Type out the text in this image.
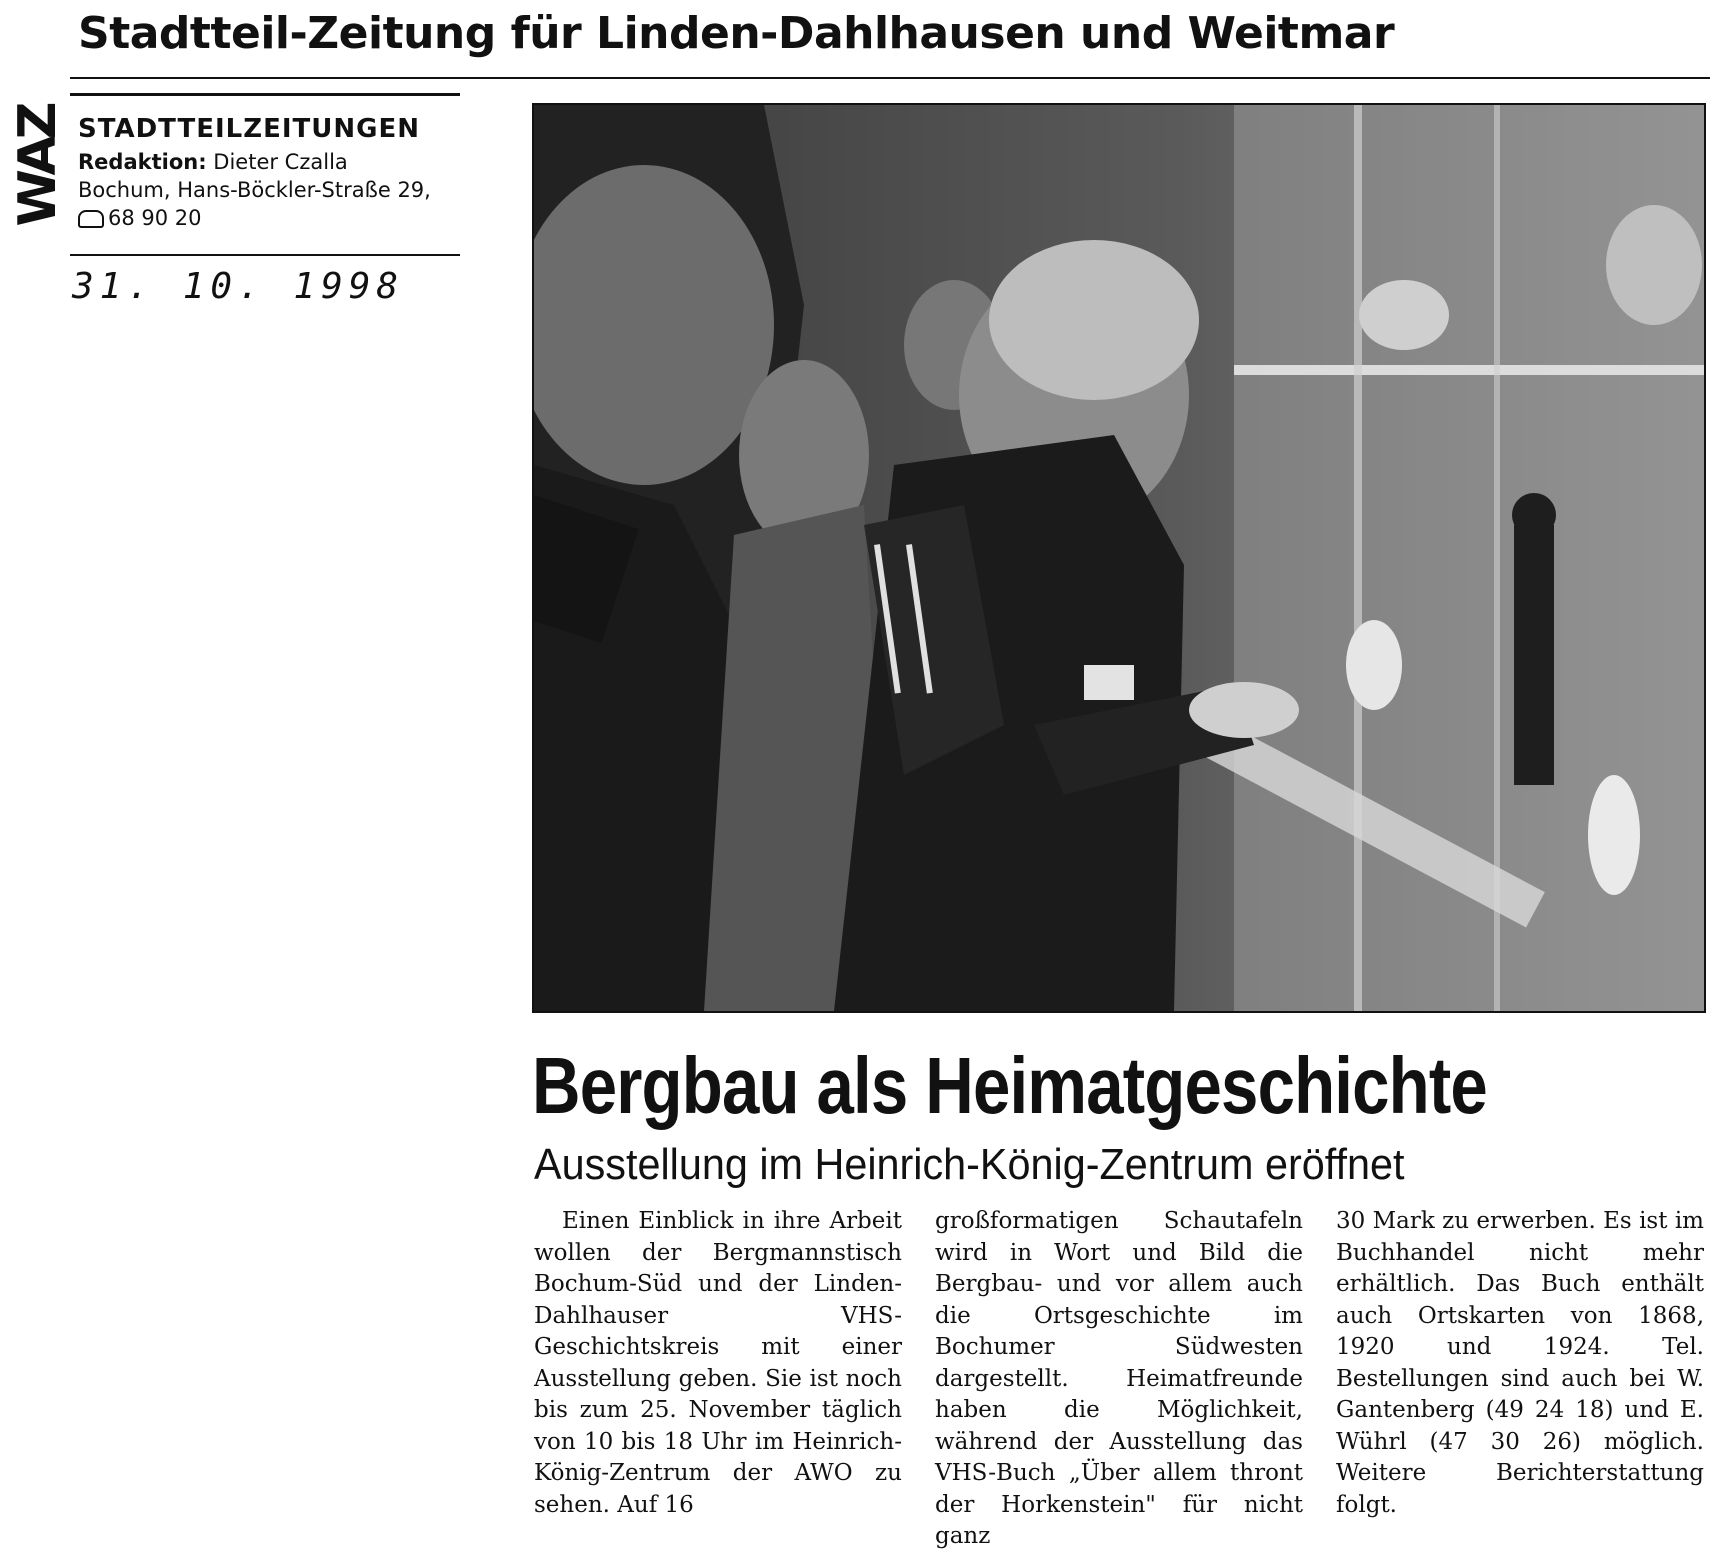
Stadtteil-Zeitung für Linden-Dahlhausen und Weitmar
WAZ STADTTEILZEITUNGEN
Redaktion: Dieter Czalla
Bochum, Hans-Böckler-Straße 29,
68 90 20
31. 10. 1998
Bergbau als Heimatgeschichte
Ausstellung im Heinrich-König-Zentrum eröffnet

Einen Einblick in ihre Arbeit wollen der Bergmannstisch Bochum-Süd und der Linden-Dahlhauser VHS-Geschichtskreis mit einer Ausstellung geben. Sie ist noch bis zum 25. November täglich von 10 bis 18 Uhr im Heinrich-König-Zentrum der AWO zu sehen. Auf 16

großformatigen Schautafeln wird in Wort und Bild die Bergbau- und vor allem auch die Ortsgeschichte im Bochumer Südwesten dargestellt. Heimatfreunde haben die Möglichkeit, während der Ausstellung das VHS-Buch „Über allem thront der Horkenstein" für nicht ganz

30 Mark zu erwerben. Es ist im Buchhandel nicht mehr erhältlich. Das Buch enthält auch Ortskarten von 1868, 1920 und 1924. Tel. Bestellungen sind auch bei W. Gantenberg (49 24 18) und E. Wührl (47 30 26) möglich. Weitere Berichterstattung folgt.
